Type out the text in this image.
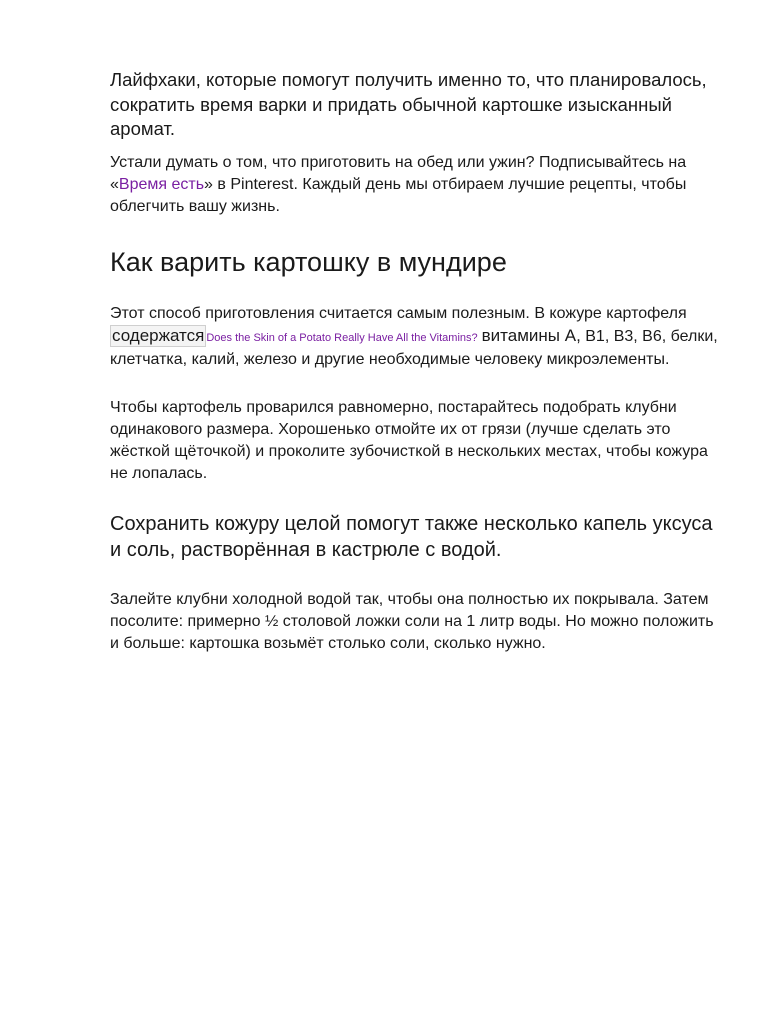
Лайфхаки, которые помогут получить именно то, что планировалось, сократить время варки и придать обычной картошке изысканный аромат.

Устали думать о том, что приготовить на обед или ужин? Подписывайтесь на «Время есть» в Pinterest. Каждый день мы отбираем лучшие рецепты, чтобы облегчить вашу жизнь.

Как варить картошку в мундире

Этот способ приготовления считается самым полезным. В кожуре картофеля содержатся Does the Skin of a Potato Really Have All the Vitamins? витамины А, В1, В3, В6, белки, клетчатка, калий, железо и другие необходимые человеку микроэлементы.

Чтобы картофель проварился равномерно, постарайтесь подобрать клубни одинакового размера. Хорошенько отмойте их от грязи (лучше сделать это жёсткой щёточкой) и проколите зубочисткой в нескольких местах, чтобы кожура не лопалась.

Сохранить кожуру целой помогут также несколько капель уксуса и соль, растворённая в кастрюле с водой.

Залейте клубни холодной водой так, чтобы она полностью их покрывала. Затем посолите: примерно ½ столовой ложки соли на 1 литр воды. Но можно положить и больше: картошка возьмёт столько соли, сколько нужно.
